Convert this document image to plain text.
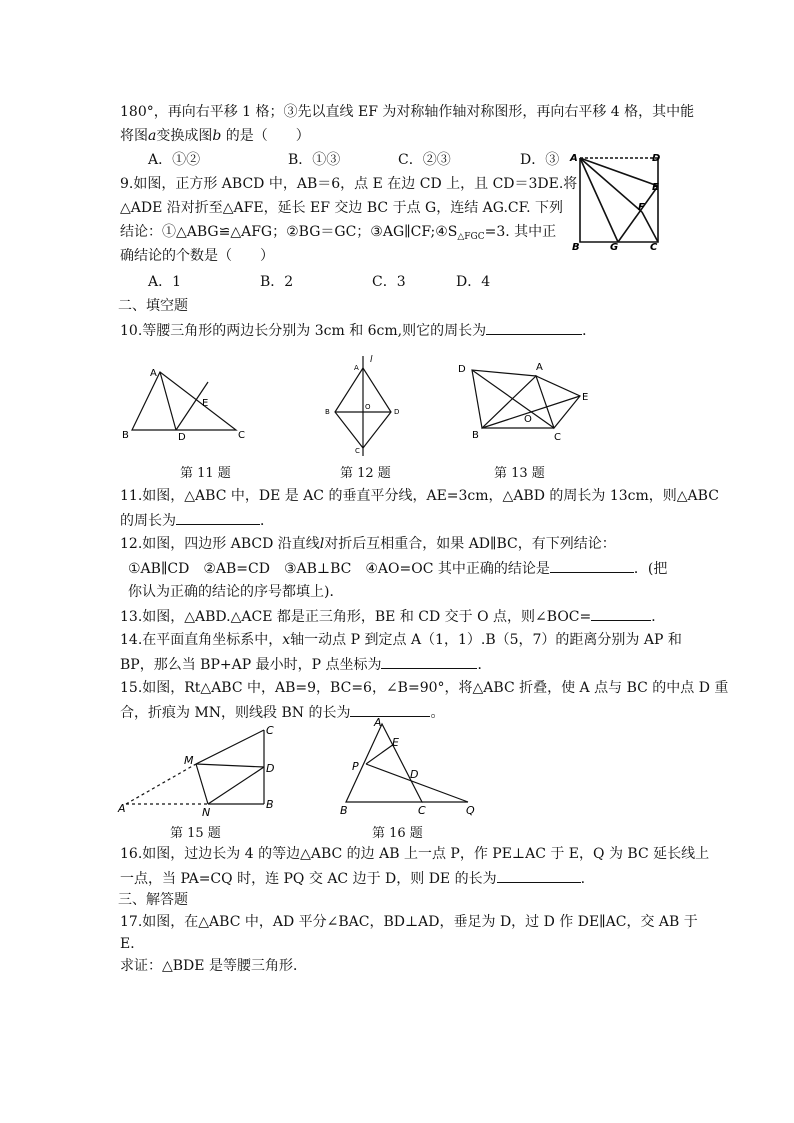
180°，再向右平移 1 格；③先以直线 EF 为对称轴作轴对称图形，再向右平移 4 格，其中能
将图a变换成图b 的是（　　）
A．①②	B．①③	C．②③	D．③
9.如图，正方形 ABCD 中，AB＝6，点 E 在边 CD 上，且 CD＝3DE.将
△ADE 沿对折至△AFE，延长 EF 交边 BC 于点 G，连结 AG.CF. 下列
结论：①△ABG≌△AFG；②BG＝GC；$③AG\parallel CF;④S_{\triangle FGC}=3$. 其中正
确结论的个数是（　　）
A．1	B．2	C．3	D．4
A	D
E
F
B	G	C
二、填空题
10.等腰三角形的两边长分别为 3cm 和 6cm,则它的周长为	．
A
E
B	D	C
第 11 题
l
A
B
O
D
C
第 12 题
D	A
E
O
B	C
第 13 题
11.如图，△ABC 中，DE 是 AC 的垂直平分线，AE=3cm，△ABD 的周长为 13cm，则△ABC
的周长为	．
12.如图，四边形 ABCD 沿直线l对折后互相重合，如果 AD∥BC，有下列结论：
①AB∥CD　②AB=CD　③AB⊥BC　④AO=OC 其中正确的结论是	．(把
你认为正确的结论的序号都填上)．
13.如图，△ABD.△ACE 都是正三角形，BE 和 CD 交于 O 点，则∠BOC=	．
14.在平面直角坐标系中，x轴一动点 P 到定点 A（1，1）.B（5，7）的距离分别为 AP 和
BP，那么当 BP+AP 最小时，P 点坐标为	．
15.如图，Rt△ABC 中，AB=9，BC=6，∠B=90°，将△ABC 折叠，使 A 点与 BC 的中点 D 重
合，折痕为 MN，则线段 BN 的长为	。
C
M
D
A	N
B
第 15 题
A
E
P
D
B	C	Q
第 16 题
16.如图，过边长为 4 的等边△ABC 的边 AB 上一点 P，作 PE⊥AC 于 E，Q 为 BC 延长线上
一点，当 PA=CQ 时，连 PQ 交 AC 边于 D，则 DE 的长为	.
三、解答题
17.如图，在△ABC 中，AD 平分∠BAC，BD⊥AD，垂足为 D，过 D 作 DE∥AC，交 AB 于
E．
求证：△BDE 是等腰三角形．
